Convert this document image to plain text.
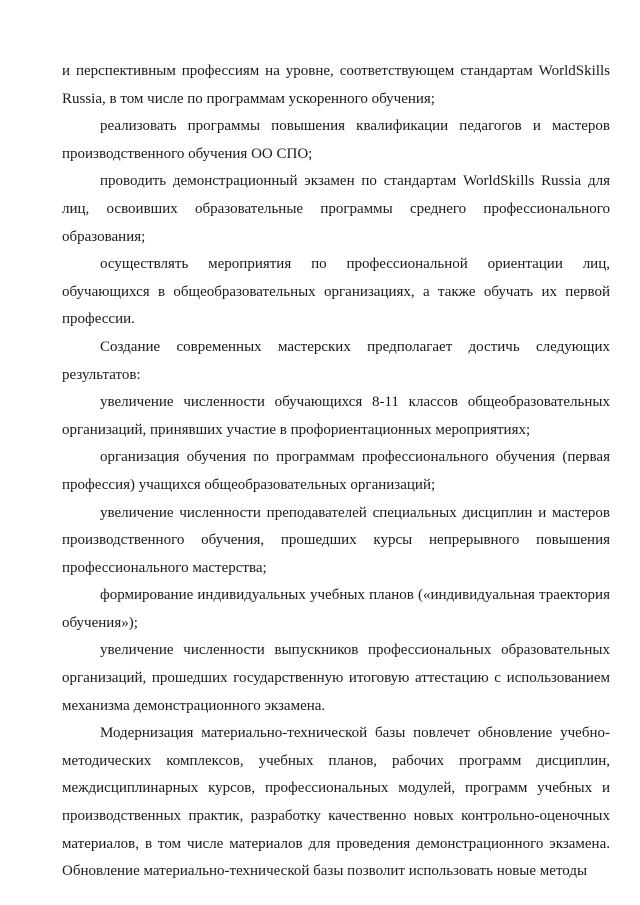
и перспективным профессиям на уровне, соответствующем стандартам WorldSkills Russia, в том числе по программам ускоренного обучения;

реализовать программы повышения квалификации педагогов и мастеров производственного обучения ОО СПО;

проводить демонстрационный экзамен по стандартам WorldSkills Russia для лиц, освоивших образовательные программы среднего профессионального образования;

осуществлять мероприятия по профессиональной ориентации лиц, обучающихся в общеобразовательных организациях, а также обучать их первой профессии.

Создание современных мастерских предполагает достичь следующих результатов:

увеличение численности обучающихся 8-11 классов общеобразовательных организаций, принявших участие в профориентационных мероприятиях;

организация обучения по программам профессионального обучения (первая профессия) учащихся общеобразовательных организаций;

увеличение численности преподавателей специальных дисциплин и мастеров производственного обучения, прошедших курсы непрерывного повышения профессионального мастерства;

формирование индивидуальных учебных планов («индивидуальная траектория обучения»);

увеличение численности выпускников профессиональных образовательных организаций, прошедших государственную итоговую аттестацию с использованием механизма демонстрационного экзамена.

Модернизация материально-технической базы повлечет обновление учебно-методических комплексов, учебных планов, рабочих программ дисциплин, междисциплинарных курсов, профессиональных модулей, программ учебных и производственных практик, разработку качественно новых контрольно-оценочных материалов, в том числе материалов для проведения демонстрационного экзамена. Обновление материально-технической базы позволит использовать новые методы
